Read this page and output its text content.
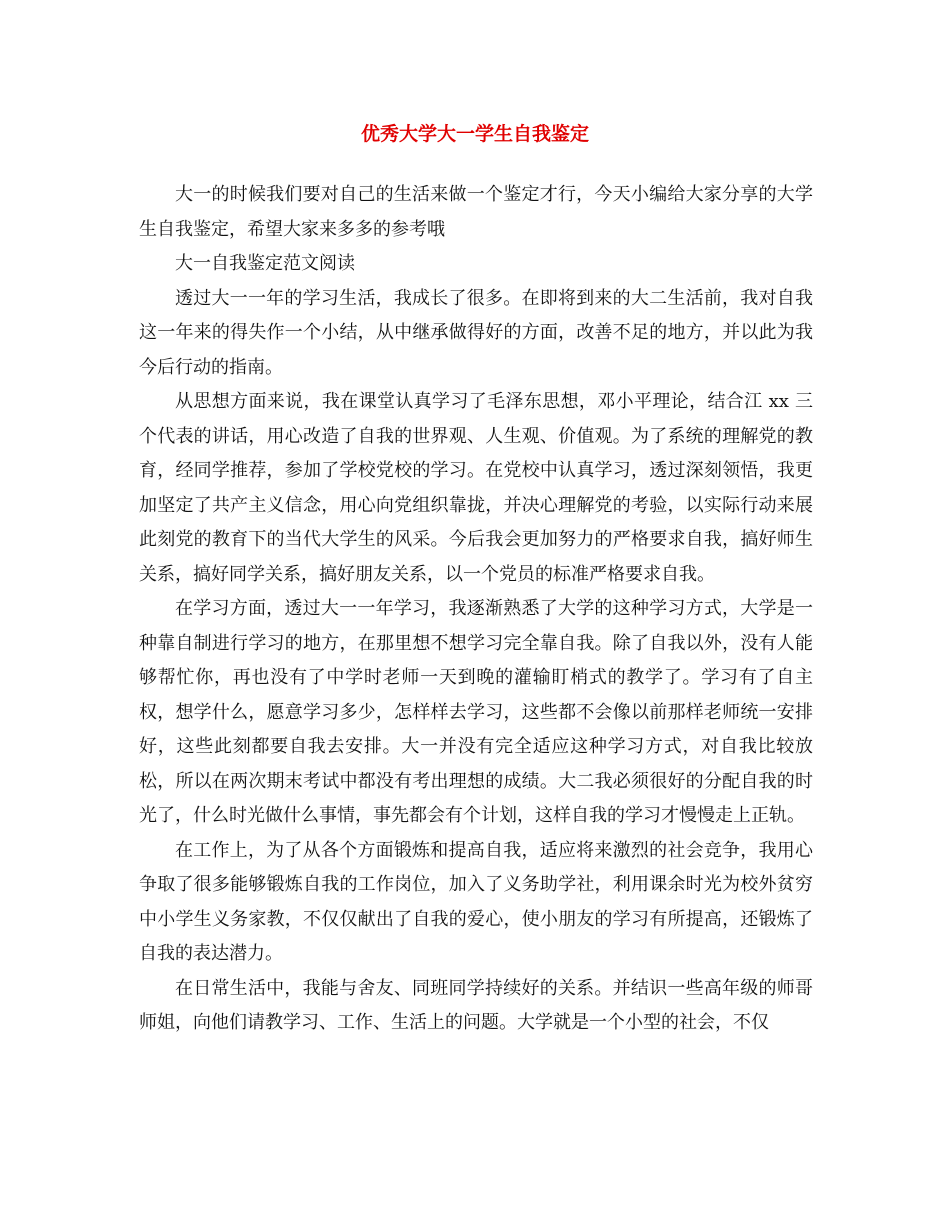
优秀大学大一学生自我鉴定

大一的时候我们要对自己的生活来做一个鉴定才行，今天小编给大家分享的大学生自我鉴定，希望大家来多多的参考哦

大一自我鉴定范文阅读

透过大一一年的学习生活，我成长了很多。在即将到来的大二生活前，我对自我这一年来的得失作一个小结，从中继承做得好的方面，改善不足的地方，并以此为我今后行动的指南。

从思想方面来说，我在课堂认真学习了毛泽东思想，邓小平理论，结合江 xx 三个代表的讲话，用心改造了自我的世界观、人生观、价值观。为了系统的理解党的教育，经同学推荐，参加了学校党校的学习。在党校中认真学习，透过深刻领悟，我更加坚定了共产主义信念，用心向党组织靠拢，并决心理解党的考验，以实际行动来展此刻党的教育下的当代大学生的风采。今后我会更加努力的严格要求自我，搞好师生关系，搞好同学关系，搞好朋友关系，以一个党员的标准严格要求自我。

在学习方面，透过大一一年学习，我逐渐熟悉了大学的这种学习方式，大学是一种靠自制进行学习的地方，在那里想不想学习完全靠自我。除了自我以外，没有人能够帮忙你，再也没有了中学时老师一天到晚的灌输盯梢式的教学了。学习有了自主权，想学什么，愿意学习多少，怎样样去学习，这些都不会像以前那样老师统一安排好，这些此刻都要自我去安排。大一并没有完全适应这种学习方式，对自我比较放松，所以在两次期末考试中都没有考出理想的成绩。大二我必须很好的分配自我的时光了，什么时光做什么事情，事先都会有个计划，这样自我的学习才慢慢走上正轨。

在工作上，为了从各个方面锻炼和提高自我，适应将来激烈的社会竞争，我用心争取了很多能够锻炼自我的工作岗位，加入了义务助学社，利用课余时光为校外贫穷中小学生义务家教，不仅仅献出了自我的爱心，使小朋友的学习有所提高，还锻炼了自我的表达潜力。

在日常生活中，我能与舍友、同班同学持续好的关系。并结识一些高年级的师哥师姐，向他们请教学习、工作、生活上的问题。大学就是一个小型的社会，不仅
